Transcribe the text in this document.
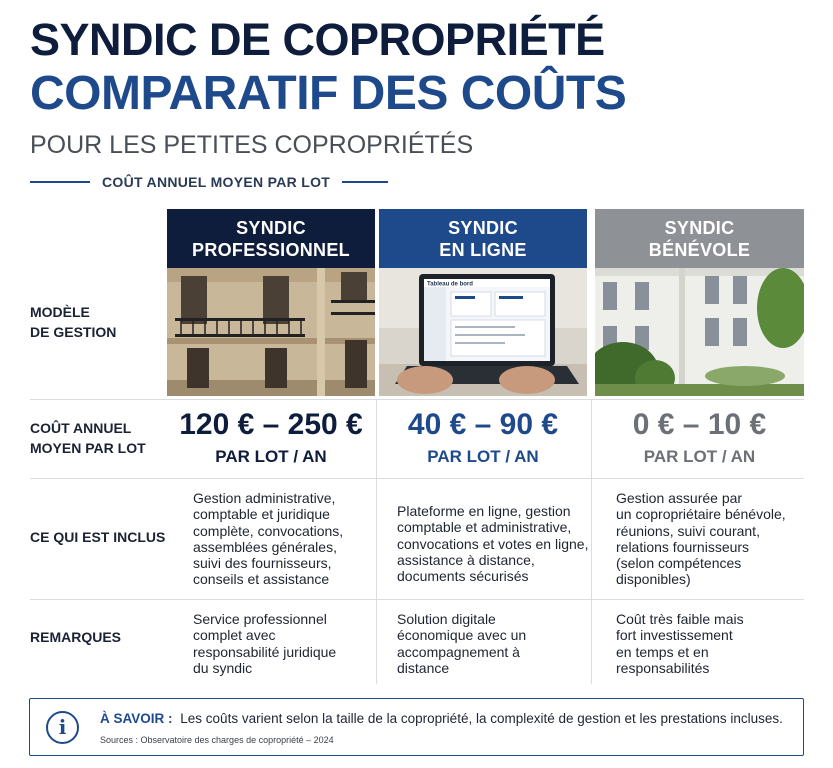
SYNDIC DE COPROPRIÉTÉ
COMPARATIF DES COÛTS
POUR LES PETITES COPROPRIÉTÉS
COÛT ANNUEL MOYEN PAR LOT
SYNDIC
PROFESSIONNEL
SYNDIC
EN LIGNE
SYNDIC
BÉNÉVOLE
Tableau de bord
MODÈLE
DE GESTION
COÛT ANNUEL
MOYEN PAR LOT
CE QUI EST INCLUS
REMARQUES
120 € – 250 €
PAR LOT / AN
40 € – 90 €
PAR LOT / AN
0 € – 10 €
PAR LOT / AN
Gestion administrative,
comptable et juridique
complète, convocations,
assemblées générales,
suivi des fournisseurs,
conseils et assistance
Plateforme en ligne, gestion
comptable et administrative,
convocations et votes en ligne,
assistance à distance,
documents sécurisés
Gestion assurée par
un copropriétaire bénévole,
réunions, suivi courant,
relations fournisseurs
(selon compétences
disponibles)
Service professionnel
complet avec
responsabilité juridique
du syndic
Solution digitale
économique avec un
accompagnement à
distance
Coût très faible mais
fort investissement
en temps et en
responsabilités
i	À SAVOIR : Les coûts varient selon la taille de la copropriété, la complexité de gestion et les prestations incluses.
Sources : Observatoire des charges de copropriété – 2024
